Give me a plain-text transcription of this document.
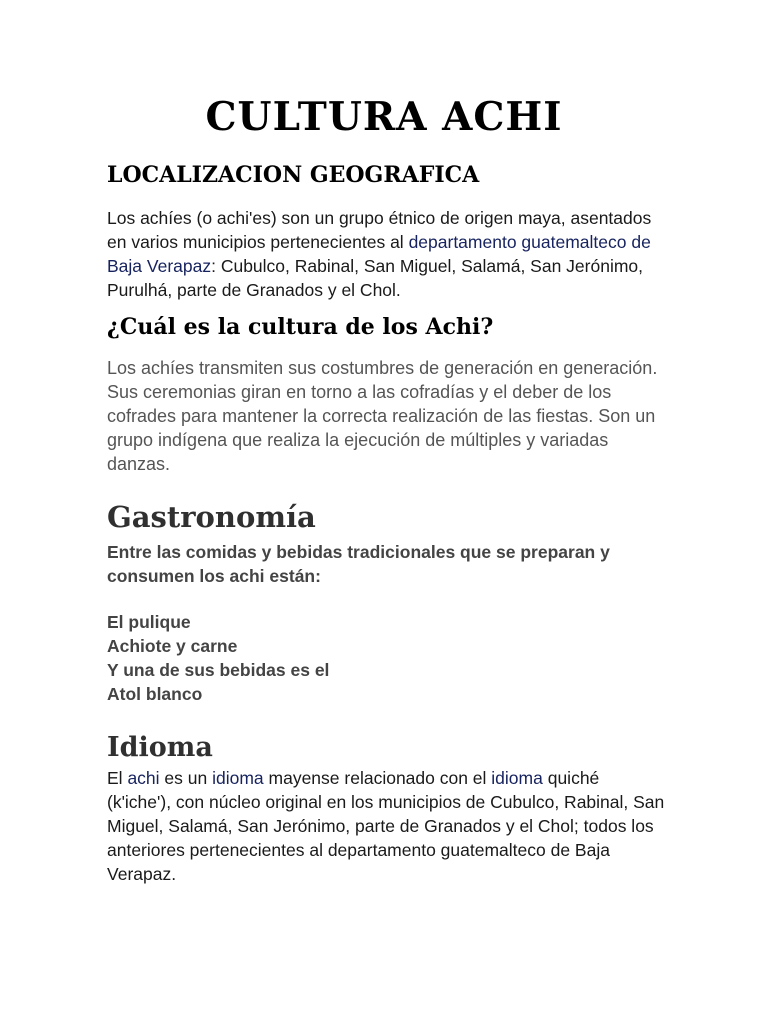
CULTURA ACHI
LOCALIZACION GEOGRAFICA

Los achíes (o achi'es) son un grupo étnico de origen maya, asentados en varios municipios pertenecientes al departamento guatemalteco de Baja Verapaz: Cubulco, Rabinal, San Miguel, Salamá, San Jerónimo, Purulhá, parte de Granados y el Chol.

¿Cuál es la cultura de los Achi?

Los achíes transmiten sus costumbres de generación en generación. Sus ceremonias giran en torno a las cofradías y el deber de los cofrades para mantener la correcta realización de las fiestas. Son un grupo indígena que realiza la ejecución de múltiples y variadas danzas.

Gastronomía

Entre las comidas y bebidas tradicionales que se preparan y consumen los achi están:

El pulique
Achiote y carne
Y una de sus bebidas es el
Atol blanco
Idioma

El achi es un idioma mayense relacionado con el idioma quiché (k'iche'), con núcleo original en los municipios de Cubulco, Rabinal, San Miguel, Salamá, San Jerónimo, parte de Granados y el Chol; todos los anteriores pertenecientes al departamento guatemalteco de Baja Verapaz.
